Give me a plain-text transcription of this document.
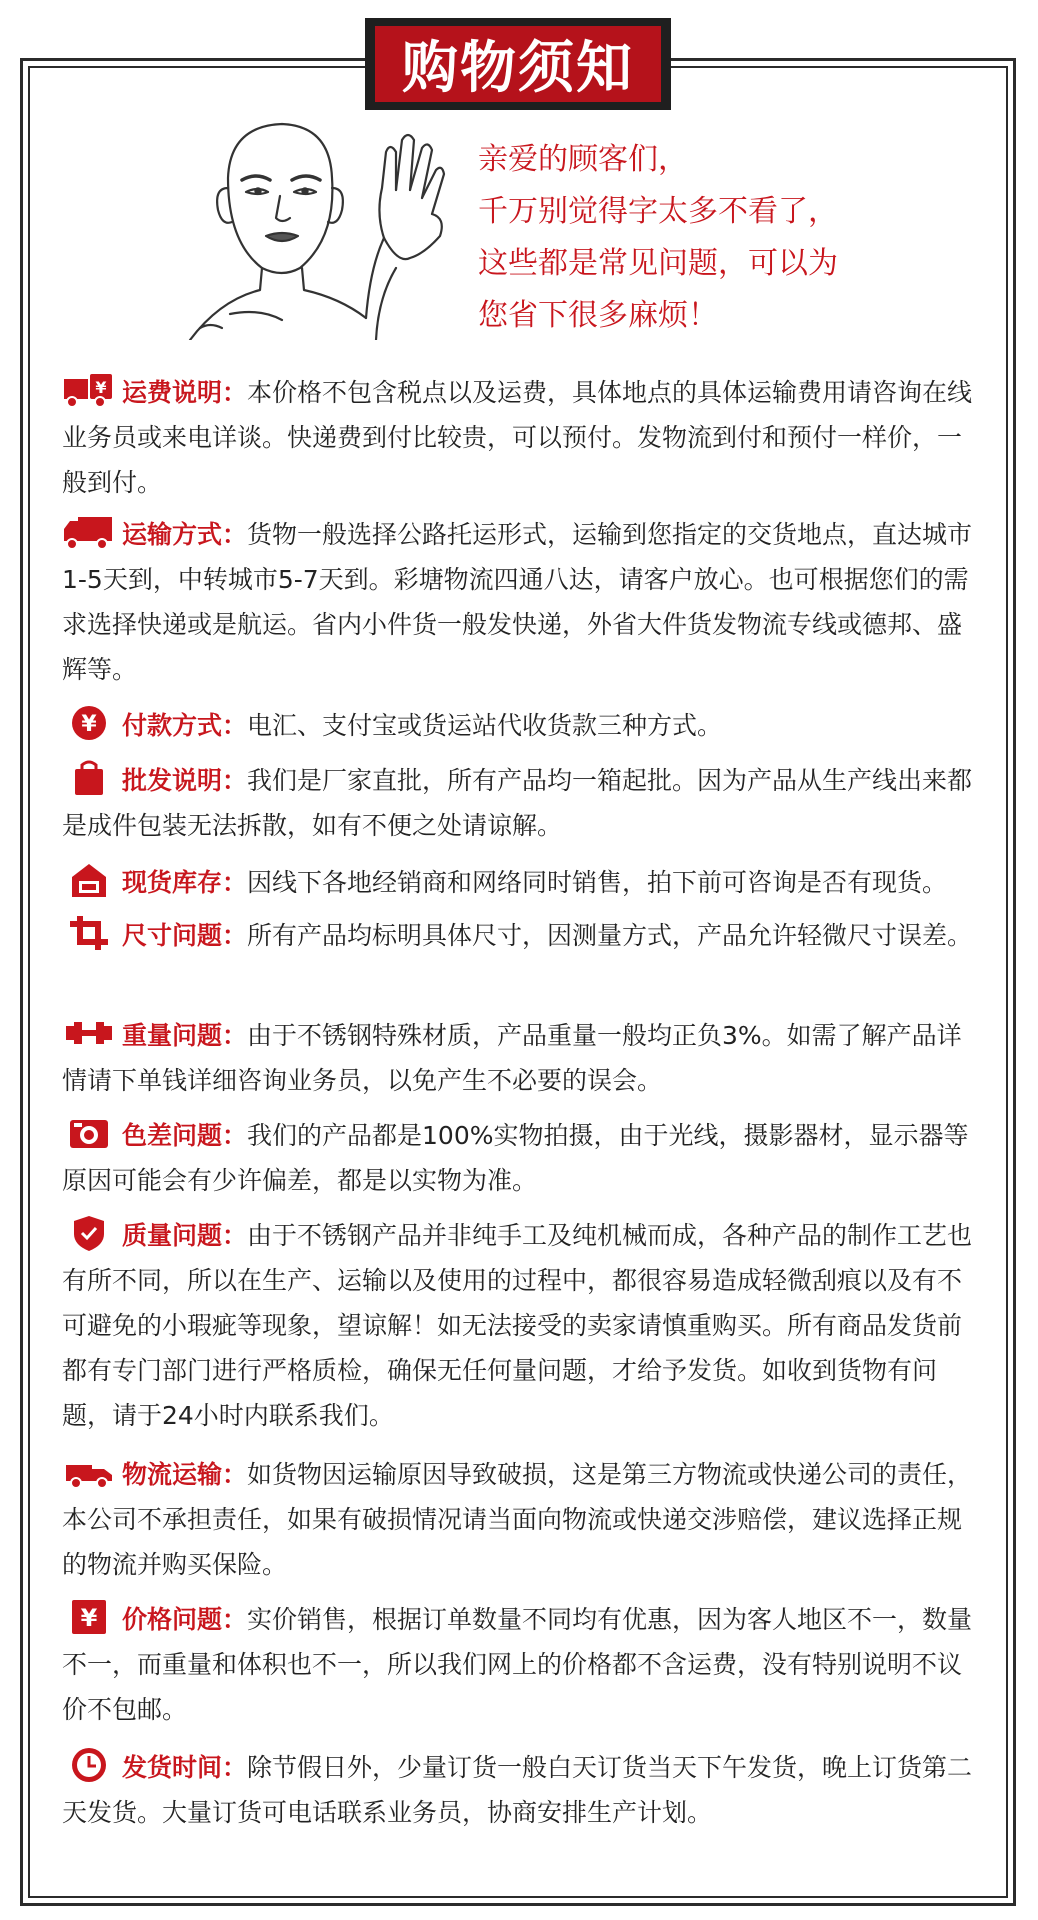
购物须知
亲爱的顾客们，
千万别觉得字太多不看了，
这些都是常见问题，可以为
您省下很多麻烦！
¥ 运费说明：本价格不包含税点以及运费，具体地点的具体运输费用请咨询在线业务员或来电详谈。快递费到付比较贵，可以预付。发物流到付和预付一样价，一般到付。
运输方式：货物一般选择公路托运形式，运输到您指定的交货地点，直达城市1-5天到，中转城市5-7天到。彩塘物流四通八达，请客户放心。也可根据您们的需求选择快递或是航运。省内小件货一般发快递，外省大件货发物流专线或德邦、盛辉等。
¥ 付款方式：电汇、支付宝或货运站代收货款三种方式。
批发说明：我们是厂家直批，所有产品均一箱起批。因为产品从生产线出来都是成件包装无法拆散，如有不便之处请谅解。
现货库存：因线下各地经销商和网络同时销售，拍下前可咨询是否有现货。
尺寸问题：所有产品均标明具体尺寸，因测量方式，产品允许轻微尺寸误差。
重量问题：由于不锈钢特殊材质，产品重量一般均正负3%。如需了解产品详情请下单钱详细咨询业务员，以免产生不必要的误会。
色差问题：我们的产品都是100%实物拍摄，由于光线，摄影器材，显示器等原因可能会有少许偏差，都是以实物为准。
质量问题：由于不锈钢产品并非纯手工及纯机械而成，各种产品的制作工艺也有所不同，所以在生产、运输以及使用的过程中，都很容易造成轻微刮痕以及有不可避免的小瑕疵等现象，望谅解！如无法接受的卖家请慎重购买。所有商品发货前都有专门部门进行严格质检，确保无任何量问题，才给予发货。如收到货物有问题，请于24小时内联系我们。
物流运输：如货物因运输原因导致破损，这是第三方物流或快递公司的责任，本公司不承担责任，如果有破损情况请当面向物流或快递交涉赔偿，建议选择正规的物流并购买保险。
¥ 价格问题：实价销售，根据订单数量不同均有优惠，因为客人地区不一，数量不一，而重量和体积也不一，所以我们网上的价格都不含运费，没有特别说明不议价不包邮。
发货时间：除节假日外，少量订货一般白天订货当天下午发货，晚上订货第二天发货。大量订货可电话联系业务员，协商安排生产计划。
